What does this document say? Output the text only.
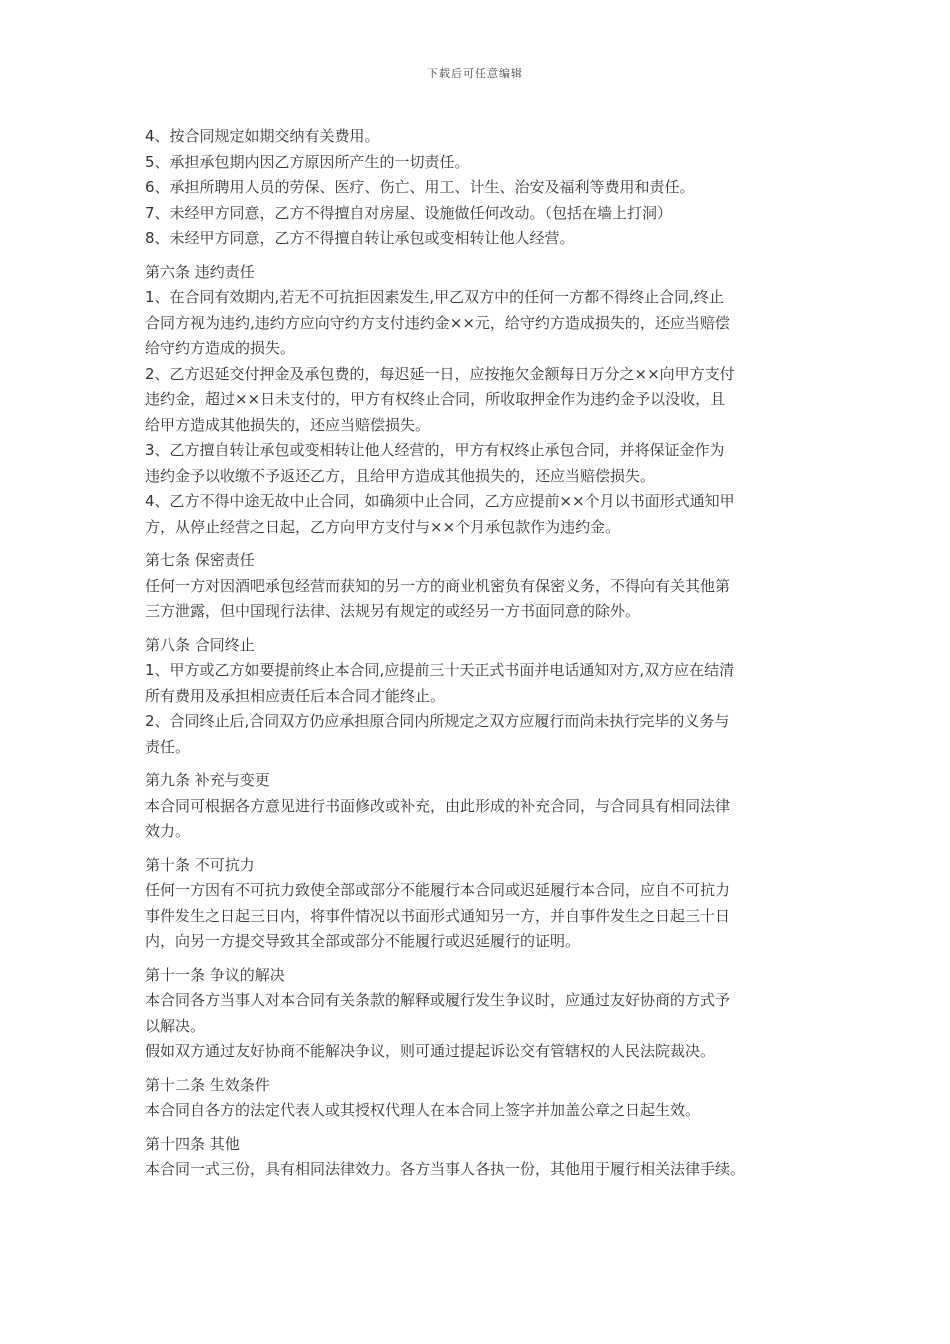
下载后可任意编辑

4、按合同规定如期交纳有关费用。

5、承担承包期内因乙方原因所产生的一切责任。

6、承担所聘用人员的劳保、医疗、伤亡、用工、计生、治安及福利等费用和责任。

7、未经甲方同意，乙方不得擅自对房屋、设施做任何改动。（包括在墙上打洞）

8、未经甲方同意，乙方不得擅自转让承包或变相转让他人经营。

第六条 违约责任

1、在合同有效期内,若无不可抗拒因素发生,甲乙双方中的任何一方都不得终止合同,终止

合同方视为违约,违约方应向守约方支付违约金××元，给守约方造成损失的，还应当赔偿

给守约方造成的损失。

2、乙方迟延交付押金及承包费的，每迟延一日，应按拖欠金额每日万分之××向甲方支付

违约金，超过××日未支付的，甲方有权终止合同，所收取押金作为违约金予以没收，且

给甲方造成其他损失的，还应当赔偿损失。

3、乙方擅自转让承包或变相转让他人经营的，甲方有权终止承包合同，并将保证金作为

违约金予以收缴不予返还乙方，且给甲方造成其他损失的，还应当赔偿损失。

4、乙方不得中途无故中止合同，如确须中止合同，乙方应提前××个月以书面形式通知甲

方，从停止经营之日起，乙方向甲方支付与××个月承包款作为违约金。

第七条 保密责任

任何一方对因酒吧承包经营而获知的另一方的商业机密负有保密义务，不得向有关其他第

三方泄露，但中国现行法律、法规另有规定的或经另一方书面同意的除外。

第八条 合同终止

1、甲方或乙方如要提前终止本合同,应提前三十天正式书面并电话通知对方,双方应在结清

所有费用及承担相应责任后本合同才能终止。

2、合同终止后,合同双方仍应承担原合同内所规定之双方应履行而尚未执行完毕的义务与

责任。

第九条 补充与变更

本合同可根据各方意见进行书面修改或补充，由此形成的补充合同，与合同具有相同法律

效力。

第十条 不可抗力

任何一方因有不可抗力致使全部或部分不能履行本合同或迟延履行本合同，应自不可抗力

事件发生之日起三日内，将事件情况以书面形式通知另一方，并自事件发生之日起三十日

内，向另一方提交导致其全部或部分不能履行或迟延履行的证明。

第十一条 争议的解决

本合同各方当事人对本合同有关条款的解释或履行发生争议时，应通过友好协商的方式予

以解决。

假如双方通过友好协商不能解决争议，则可通过提起诉讼交有管辖权的人民法院裁决。

第十二条 生效条件

本合同自各方的法定代表人或其授权代理人在本合同上签字并加盖公章之日起生效。

第十四条 其他

本合同一式三份，具有相同法律效力。各方当事人各执一份，其他用于履行相关法律手续。
